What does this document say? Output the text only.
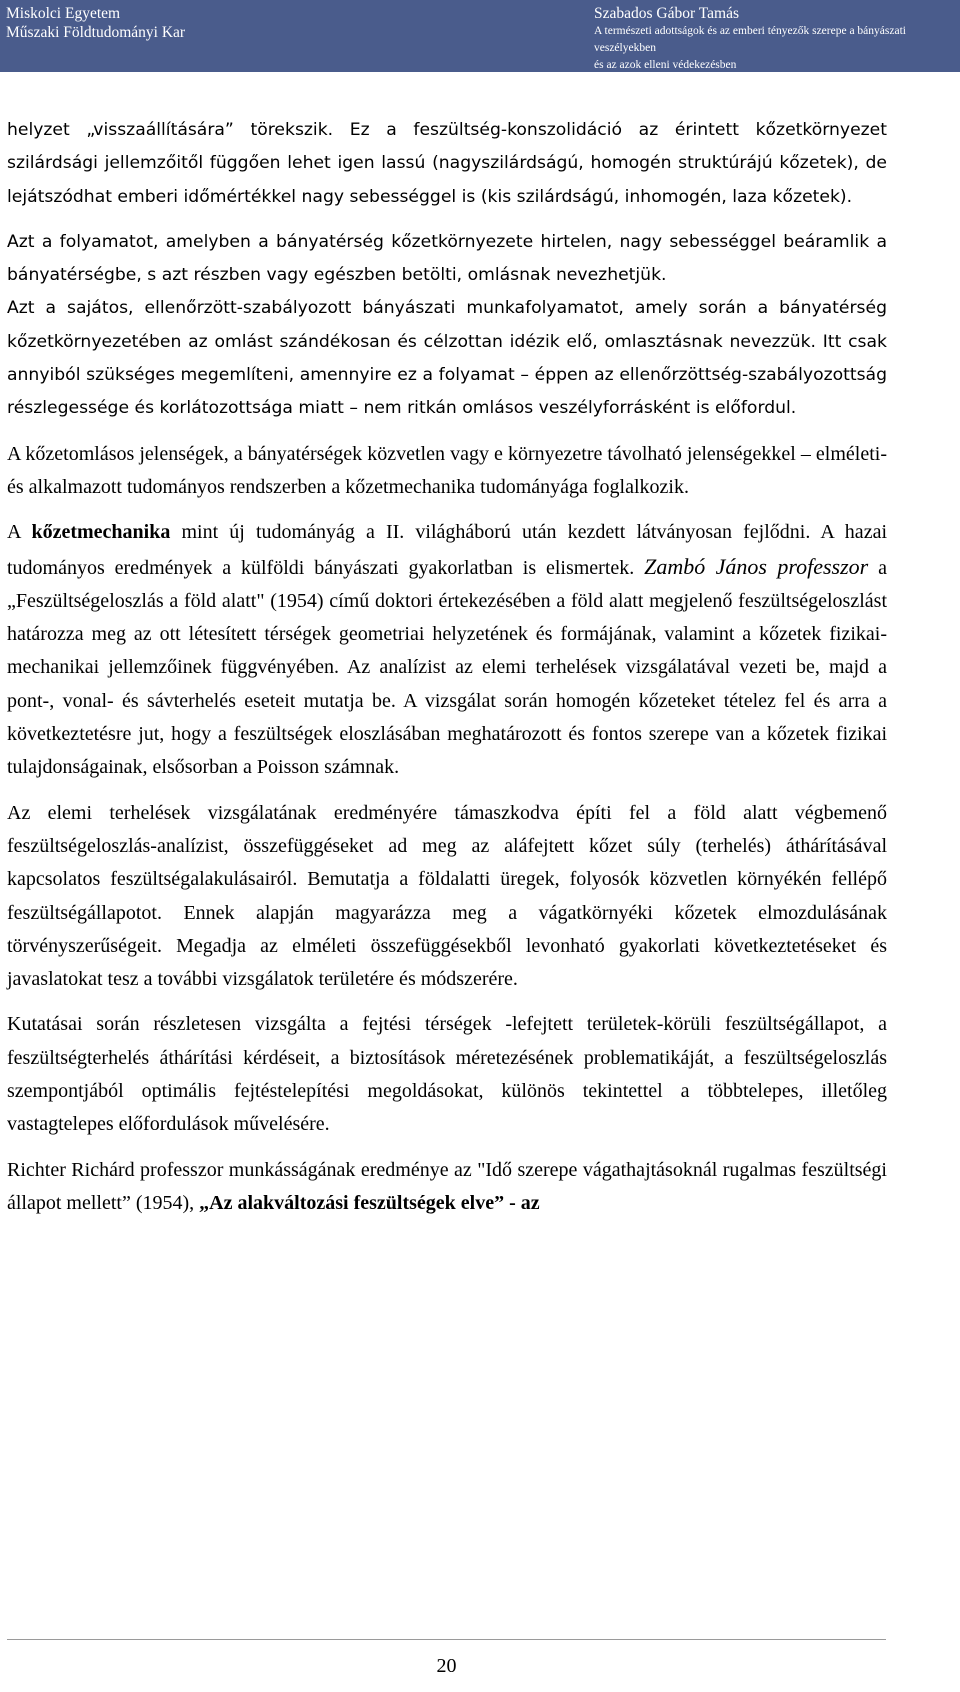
Miskolci Egyetem
Műszaki Földtudományi Kar
Szabados Gábor Tamás

A természeti adottságok és az emberi tényezők szerepe a bányászati veszélyekben
és az azok elleni védekezésben

helyzet „visszaállítására” törekszik. Ez a feszültség-konszolidáció az érintett kőzetkörnyezet szilárdsági jellemzőitől függően lehet igen lassú (nagyszilárdságú, homogén struktúrájú kőzetek), de lejátszódhat emberi időmértékkel nagy sebességgel is (kis szilárdságú, inhomogén, laza kőzetek).

Azt a folyamatot, amelyben a bányatérség kőzetkörnyezete hirtelen, nagy sebességgel beáramlik a bányatérségbe, s azt részben vagy egészben betölti, omlásnak nevezhetjük.

Azt a sajátos, ellenőrzött-szabályozott bányászati munkafolyamatot, amely során a bányatérség kőzetkörnyezetében az omlást szándékosan és célzottan idézik elő, omlasztásnak nevezzük. Itt csak annyiból szükséges megemlíteni, amennyire ez a folyamat – éppen az ellenőrzöttség-szabályozottság részlegessége és korlátozottsága miatt – nem ritkán omlásos veszélyforrásként is előfordul.

A kőzetomlásos jelenségek, a bányatérségek közvetlen vagy e környezetre távolható jelenségekkel – elméleti- és alkalmazott tudományos rendszerben a kőzetmechanika tudományága foglalkozik.

A kőzetmechanika mint új tudományág a II. világháború után kezdett látványosan fejlődni. A hazai tudományos eredmények a külföldi bányászati gyakorlatban is elismertek. Zambó János professzor a „Feszültségeloszlás a föld alatt" (1954) című doktori értekezésében a föld alatt megjelenő feszültségeloszlást határozza meg az ott létesített térségek geometriai helyzetének és formájának, valamint a kőzetek fizikai-mechanikai jellemzőinek függvényében. Az analízist az elemi terhelések vizsgálatával vezeti be, majd a pont-, vonal- és sávterhelés eseteit mutatja be. A vizsgálat során homogén kőzeteket tételez fel és arra a következtetésre jut, hogy a feszültségek eloszlásában meghatározott és fontos szerepe van a kőzetek fizikai tulajdonságainak, elsősorban a Poisson számnak.

Az elemi terhelések vizsgálatának eredményére támaszkodva építi fel a föld alatt végbemenő feszültségeloszlás-analízist, összefüggéseket ad meg az aláfejtett kőzet súly (terhelés) áthárításával kapcsolatos feszültségalakulásairól. Bemutatja a földalatti üregek, folyosók közvetlen környékén fellépő feszültségállapotot. Ennek alapján magyarázza meg a vágatkörnyéki kőzetek elmozdulásának törvényszerűségeit. Megadja az elméleti összefüggésekből levonható gyakorlati következtetéseket és javaslatokat tesz a további vizsgálatok területére és módszerére.

Kutatásai során részletesen vizsgálta a fejtési térségek -lefejtett területek-körüli feszültségállapot, a feszültségterhelés áthárítási kérdéseit, a biztosítások méretezésének problematikáját, a feszültségeloszlás szempontjából optimális fejtéstelepítési megoldásokat, különös tekintettel a többtelepes, illetőleg vastagtelepes előfordulások művelésére.

Richter Richárd professzor munkásságának eredménye az "Idő szerepe vágathajtásoknál rugalmas feszültségi állapot mellett” (1954), „Az alakváltozási feszültségek elve” - az

20
